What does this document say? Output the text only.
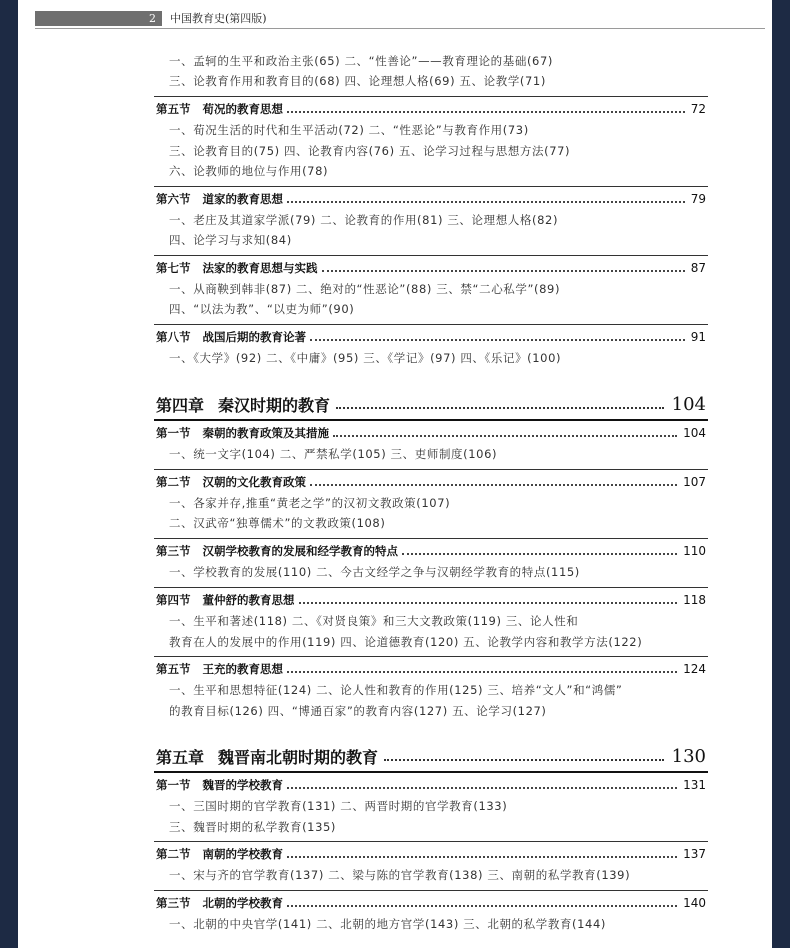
2 中国教育史(第四版)
一、孟轲的生平和政治主张(65) 二、“性善论”——教育理论的基础(67)
三、论教育作用和教育目的(68) 四、论理想人格(69) 五、论教学(71)
第五节 荀况的教育思想	72
一、荀况生活的时代和生平活动(72) 二、“性恶论”与教育作用(73)
三、论教育目的(75) 四、论教育内容(76) 五、论学习过程与思想方法(77)
六、论教师的地位与作用(78)
第六节 道家的教育思想	79
一、老庄及其道家学派(79) 二、论教育的作用(81) 三、论理想人格(82)
四、论学习与求知(84)
第七节 法家的教育思想与实践	87
一、从商鞅到韩非(87) 二、绝对的“性恶论”(88) 三、禁“二心私学”(89)
四、“以法为教”、“以吏为师”(90)
第八节 战国后期的教育论著	91
一、《大学》(92) 二、《中庸》(95) 三、《学记》(97) 四、《乐记》(100)
第四章 秦汉时期的教育	104
第一节 秦朝的教育政策及其措施	104
一、统一文字(104) 二、严禁私学(105) 三、吏师制度(106)
第二节 汉朝的文化教育政策	107
一、各家并存,推重“黄老之学”的汉初文教政策(107)
二、汉武帝“独尊儒术”的文教政策(108)
第三节 汉朝学校教育的发展和经学教育的特点	110
一、学校教育的发展(110) 二、今古文经学之争与汉朝经学教育的特点(115)
第四节 董仲舒的教育思想	118
一、生平和著述(118) 二、《对贤良策》和三大文教政策(119) 三、论人性和
教育在人的发展中的作用(119) 四、论道德教育(120) 五、论教学内容和教学方法(122)
第五节 王充的教育思想	124
一、生平和思想特征(124) 二、论人性和教育的作用(125) 三、培养“文人”和“鸿儒”
的教育目标(126) 四、“博通百家”的教育内容(127) 五、论学习(127)
第五章 魏晋南北朝时期的教育	130
第一节 魏晋的学校教育	131
一、三国时期的官学教育(131) 二、两晋时期的官学教育(133)
三、魏晋时期的私学教育(135)
第二节 南朝的学校教育	137
一、宋与齐的官学教育(137) 二、梁与陈的官学教育(138) 三、南朝的私学教育(139)
第三节 北朝的学校教育	140
一、北朝的中央官学(141) 二、北朝的地方官学(143) 三、北朝的私学教育(144)
